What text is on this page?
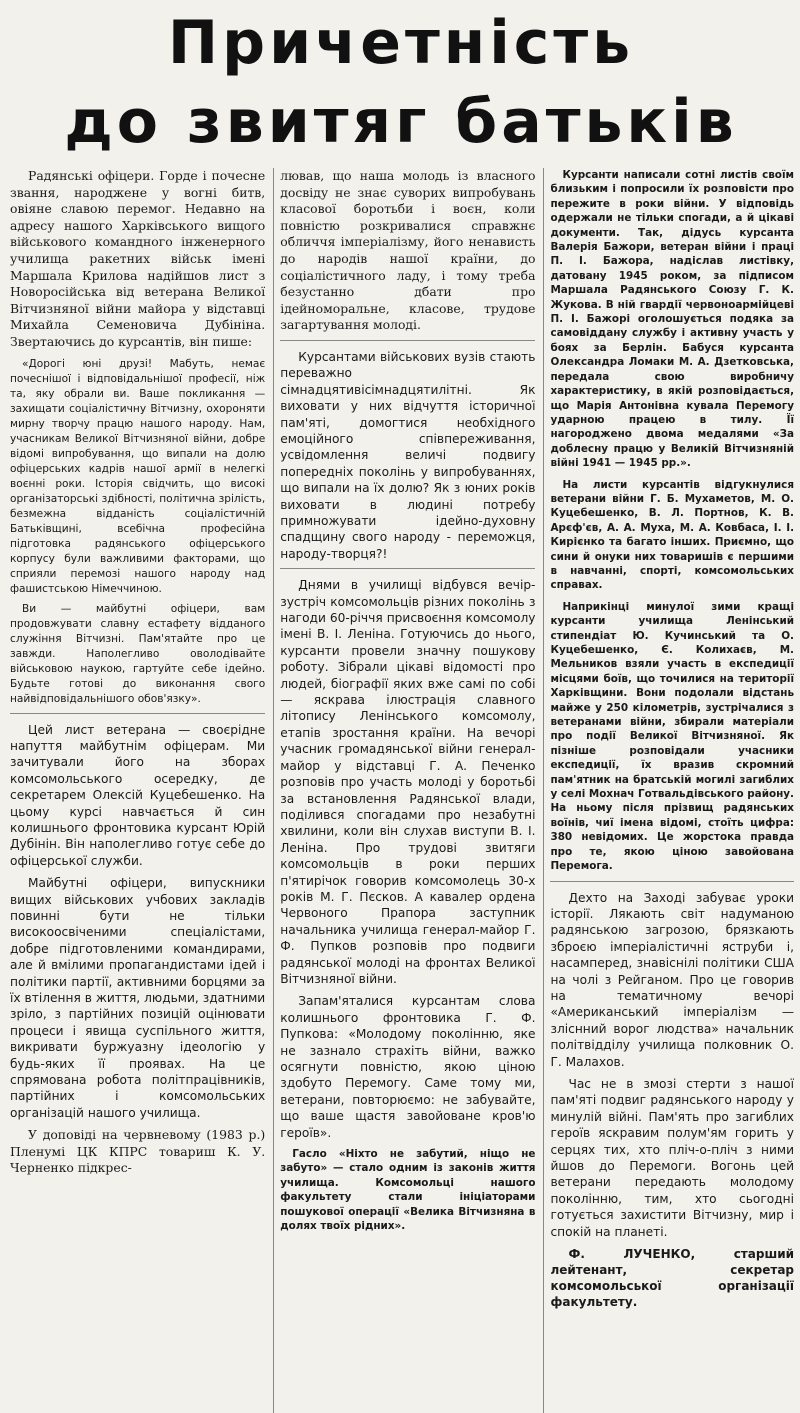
Причетність
до звитяг батьків

Радянські офіцери. Горде і почесне звання, народжене у вогні битв, овіяне славою перемог. Недавно на адресу нашого Харківського вищого військового командного інженерного училища ракетних військ імені Маршала Крилова надійшов лист з Новоросійська від ветерана Великої Вітчизняної війни майора у відставці Михайла Семеновича Дубініна. Звертаючись до курсантів, він пише:

«Дорогі юні друзі! Мабуть, немає почеснішої і відповідальнішої професії, ніж та, яку обрали ви. Ваше покликання — захищати соціалістичну Вітчизну, охороняти мирну творчу працю нашого народу. Нам, учасникам Великої Вітчизняної війни, добре відомі випробування, що випали на долю офіцерських кадрів нашої армії в нелегкі воєнні роки. Історія свідчить, що високі організаторські здібності, політична зрілість, безмежна відданість соціалістичній Батьківщині, всебічна професійна підготовка радянського офіцерського корпусу були важливими факторами, що сприяли перемозі нашого народу над фашистською Німеччиною.

Ви — майбутні офіцери, вам продовжувати славну естафету відданого служіння Вітчизні. Пам'ятайте про це завжди. Наполегливо оволодівайте військовою наукою, гартуйте себе ідейно. Будьте готові до виконання свого найвідповідальнішого обов'язку».

Цей лист ветерана — своєрідне напуття майбутнім офіцерам. Ми зачитували його на зборах комсомольського осередку, де секретарем Олексій Куцебешенко. На цьому курсі навчається й син колишнього фронтовика курсант Юрій Дубінін. Він наполегливо готує себе до офіцерської служби.

Майбутні офіцери, випускники вищих військових учбових закладів повинні бути не тільки високоосвіченими спеціалістами, добре підготовленими командирами, але й вмілими пропагандистами ідей і політики партії, активними борцями за їх втілення в життя, людьми, здатними зріло, з партійних позицій оцінювати процеси і явища суспільного життя, викривати буржуазну ідеологію у будь-яких її проявах. На це спрямована робота політпрацівників, партійних і комсомольських організацій нашого училища.

У доповіді на червневому (1983 р.) Пленумі ЦК КПРС товариш К. У. Черненко підкрес-

лював, що наша молодь із власного досвіду не знає суворих випробувань класової боротьби і воєн, коли повністю розкривалися справжнє обличчя імперіалізму, його ненависть до народів нашої країни, до соціалістичного ладу, і тому треба безустанно дбати про ідейноморальне, класове, трудове загартування молоді.

Курсантами військових вузів стають переважно сімнадцятивісімнадцятилітні. Як виховати у них відчуття історичної пам'яті, домогтися необхідного емоційного співпереживання, усвідомлення величі подвигу попередніх поколінь у випробуваннях, що випали на їх долю? Як з юних років виховати в людині потребу примножувати ідейно-духовну спадщину свого народу - переможця, народу-творця?!

Днями в училищі відбувся вечір-зустріч комсомольців різних поколінь з нагоди 60-річчя присвоєння комсомолу імені В. І. Леніна. Готуючись до нього, курсанти провели значну пошукову роботу. Зібрали цікаві відомості про людей, біографії яких вже самі по собі — яскрава ілюстрація славного літопису Ленінського комсомолу, етапів зростання країни. На вечорі учасник громадянської війни генерал-майор у відставці Г. А. Печенко розповів про участь молоді у боротьбі за встановлення Радянської влади, поділився спогадами про незабутні хвилини, коли він слухав виступи В. І. Леніна. Про трудові звитяги комсомольців в роки перших п'ятирічок говорив комсомолець 30-х років М. Г. Пєсков. А кавалер ордена Червоного Прапора заступник начальника училища генерал-майор Г. Ф. Пупков розповів про подвиги радянської молоді на фронтах Великої Вітчизняної війни.

Запам'яталися курсантам слова колишнього фронтовика Г. Ф. Пупкова: «Молодому поколінню, яке не зазнало страхіть війни, важко осягнути повністю, якою ціною здобуто Перемогу. Саме тому ми, ветерани, повторюємо: не забувайте, що ваше щастя завойоване кров'ю героїв».

Гасло «Ніхто не забутий, ніщо не забуто» — стало одним із законів життя училища. Комсомольці нашого факультету стали ініціаторами пошукової операції «Велика Вітчизняна в долях твоїх рідних».

Курсанти написали сотні листів своїм близьким і попросили їх розповісти про пережите в роки війни. У відповідь одержали не тільки спогади, а й цікаві документи. Так, дідусь курсанта Валерія Бажори, ветеран війни і праці П. І. Бажора, надіслав листівку, датовану 1945 роком, за підписом Маршала Радянського Союзу Г. К. Жукова. В ній гвардії червоноармійцеві П. І. Бажорі оголошується подяка за самовіддану службу і активну участь у боях за Берлін. Бабуся курсанта Олександра Ломаки М. А. Дзетковська, передала свою виробничу характеристику, в якій розповідається, що Марія Антонівна кувала Перемогу ударною працею в тилу. Її нагороджено двома медалями «За доблесну працю у Великій Вітчизняній війні 1941 — 1945 рр.».

На листи курсантів відгукнулися ветерани війни Г. Б. Мухаметов, М. О. Куцебешенко, В. Л. Портнов, К. В. Арєф'єв, А. А. Муха, М. А. Ковбаса, І. І. Кирієнко та багато інших. Приємно, що сини й онуки них товаришів є першими в навчанні, спорті, комсомольських справах.

Наприкінці минулої зими кращі курсанти училища Ленінський стипендіат Ю. Кучинський та О. Куцебешенко, Є. Колихаєв, М. Мельников взяли участь в експедиції місцями боїв, що точилися на території Харківщини. Вони подолали відстань майже у 250 кілометрів, зустрічалися з ветеранами війни, збирали матеріали про події Великої Вітчизняної. Як пізніше розповідали учасники експедиції, їх вразив скромний пам'ятник на братській могилі загиблих у селі Мохнач Готвальдівського району. На ньому після прізвищ радянських воїнів, чиї імена відомі, стоїть цифра: 380 невідомих. Це жорстока правда про те, якою ціною завойована Перемога.

Дехто на Заході забуває уроки історії. Лякають світ надуманою радянською загрозою, брязкають зброєю імперіалістичні яструби і, насамперед, знавіснілі політики США на чолі з Рейганом. Про це говорив на тематичному вечорі «Американський імперіалізм — зліснний ворог людства» начальник політвідділу училища полковник О. Г. Малахов.

Час не в змозі стерти з нашої пам'яті подвиг радянського народу у минулій війні. Пам'ять про загиблих героїв яскравим полум'ям горить у серцях тих, хто пліч-о-пліч з ними йшов до Перемоги. Вогонь цей ветерани передають молодому поколінню, тим, хто сьогодні готується захистити Вітчизну, мир і спокій на планеті.

Ф. ЛУЧЕНКО, старший лейтенант, секретар комсомольської організації факультету.
